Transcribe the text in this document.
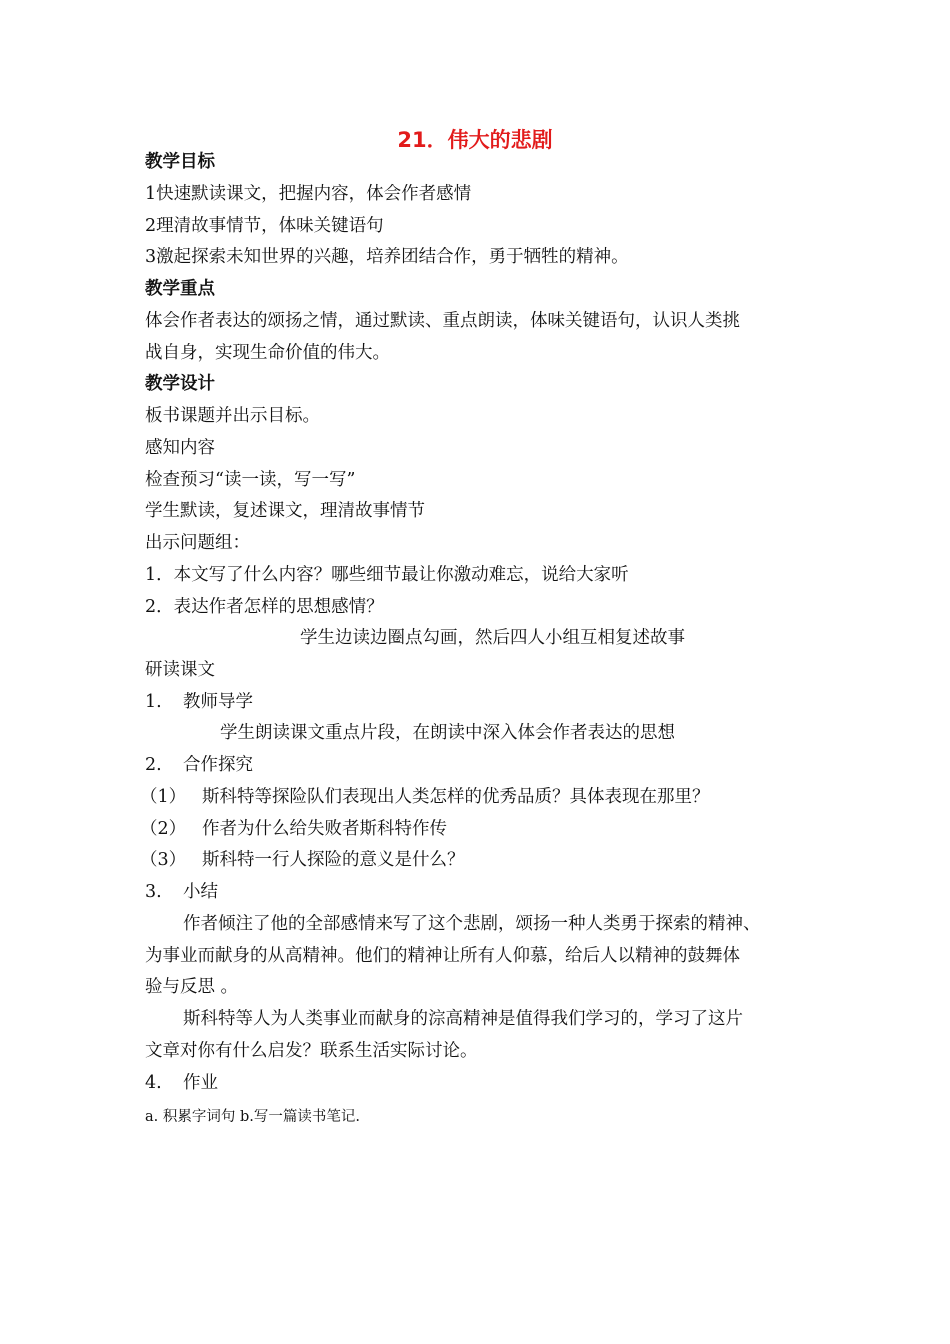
21．伟大的悲剧
教学目标
1快速默读课文，把握内容，体会作者感情
2理清故事情节，体味关键语句
3激起探索未知世界的兴趣，培养团结合作，勇于牺牲的精神。
教学重点
体会作者表达的颂扬之情，通过默读、重点朗读，体味关键语句，认识人类挑
战自身，实现生命价值的伟大。
教学设计
板书课题并出示目标。
感知内容
检查预习“读一读，写一写”
学生默读，复述课文，理清故事情节
出示问题组：
1．本文写了什么内容？哪些细节最让你激动难忘，说给大家听
2．表达作者怎样的思想感情？
学生边读边圈点勾画，然后四人小组互相复述故事
研读课文
1. 教师导学
学生朗读课文重点片段，在朗读中深入体会作者表达的思想
2. 合作探究
（1） 斯科特等探险队们表现出人类怎样的优秀品质？具体表现在那里？
（2） 作者为什么给失败者斯科特作传
（3） 斯科特一行人探险的意义是什么？
3. 小结
作者倾注了他的全部感情来写了这个悲剧，颂扬一种人类勇于探索的精神、
为事业而献身的从高精神。他们的精神让所有人仰慕，给后人以精神的鼓舞体
验与反思 。
斯科特等人为人类事业而献身的淙高精神是值得我们学习的，学习了这片
文章对你有什么启发？联系生活实际讨论。
4. 作业
a. 积累字词句 b.写一篇读书笔记.
